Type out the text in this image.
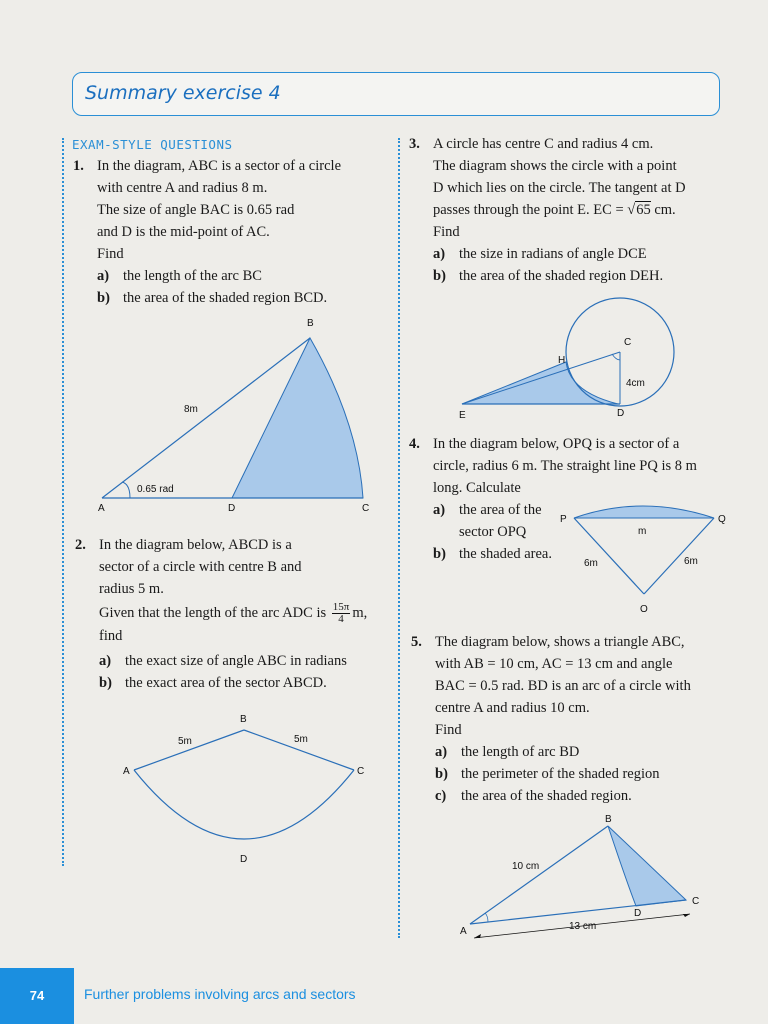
Summary exercise 4
EXAM-STYLE QUESTIONS
1. In the diagram, ABC is a sector of a circle

with centre A and radius 8 m.

The size of angle BAC is 0.65 rad

and D is the mid-point of AC.

Find

a) the length of the arc BC
b) the area of the shaded region BCD.
B
8m
0.65 rad
A	D	C
2. In the diagram below, ABCD is a

sector of a circle with centre B and

radius 5 m.

Given that the length of the arc ADC is $\frac{15\pi}{4} m$,

find

a) the exact size of angle ABC in radians
b) the exact area of the sector ABCD.
B
5m	5m
A	C
D
3. A circle has centre C and radius 4 cm.

The diagram shows the circle with a point

D which lies on the circle. The tangent at D

passes through the point E. EC = √65 cm.

Find

a) the size in radians of angle DCE
b) the area of the shaded region DEH.
C
H
4cm
E	D
4. In the diagram below, OPQ is a sector of a

circle, radius 6 m. The straight line PQ is 8 m

long. Calculate

a) the area of the
sector OPQ
b) the shaded area.
P	Q
m
6m	6m
O
5. The diagram below, shows a triangle ABC,

with AB = 10 cm, AC = 13 cm and angle

BAC = 0.5 rad. BD is an arc of a circle with

centre A and radius 10 cm.

Find

a) the length of arc BD
b) the perimeter of the shaded region
c)	the area of the shaded region.
B
10 cm
C
D
A	13 cm
74	Further problems involving arcs and sectors
